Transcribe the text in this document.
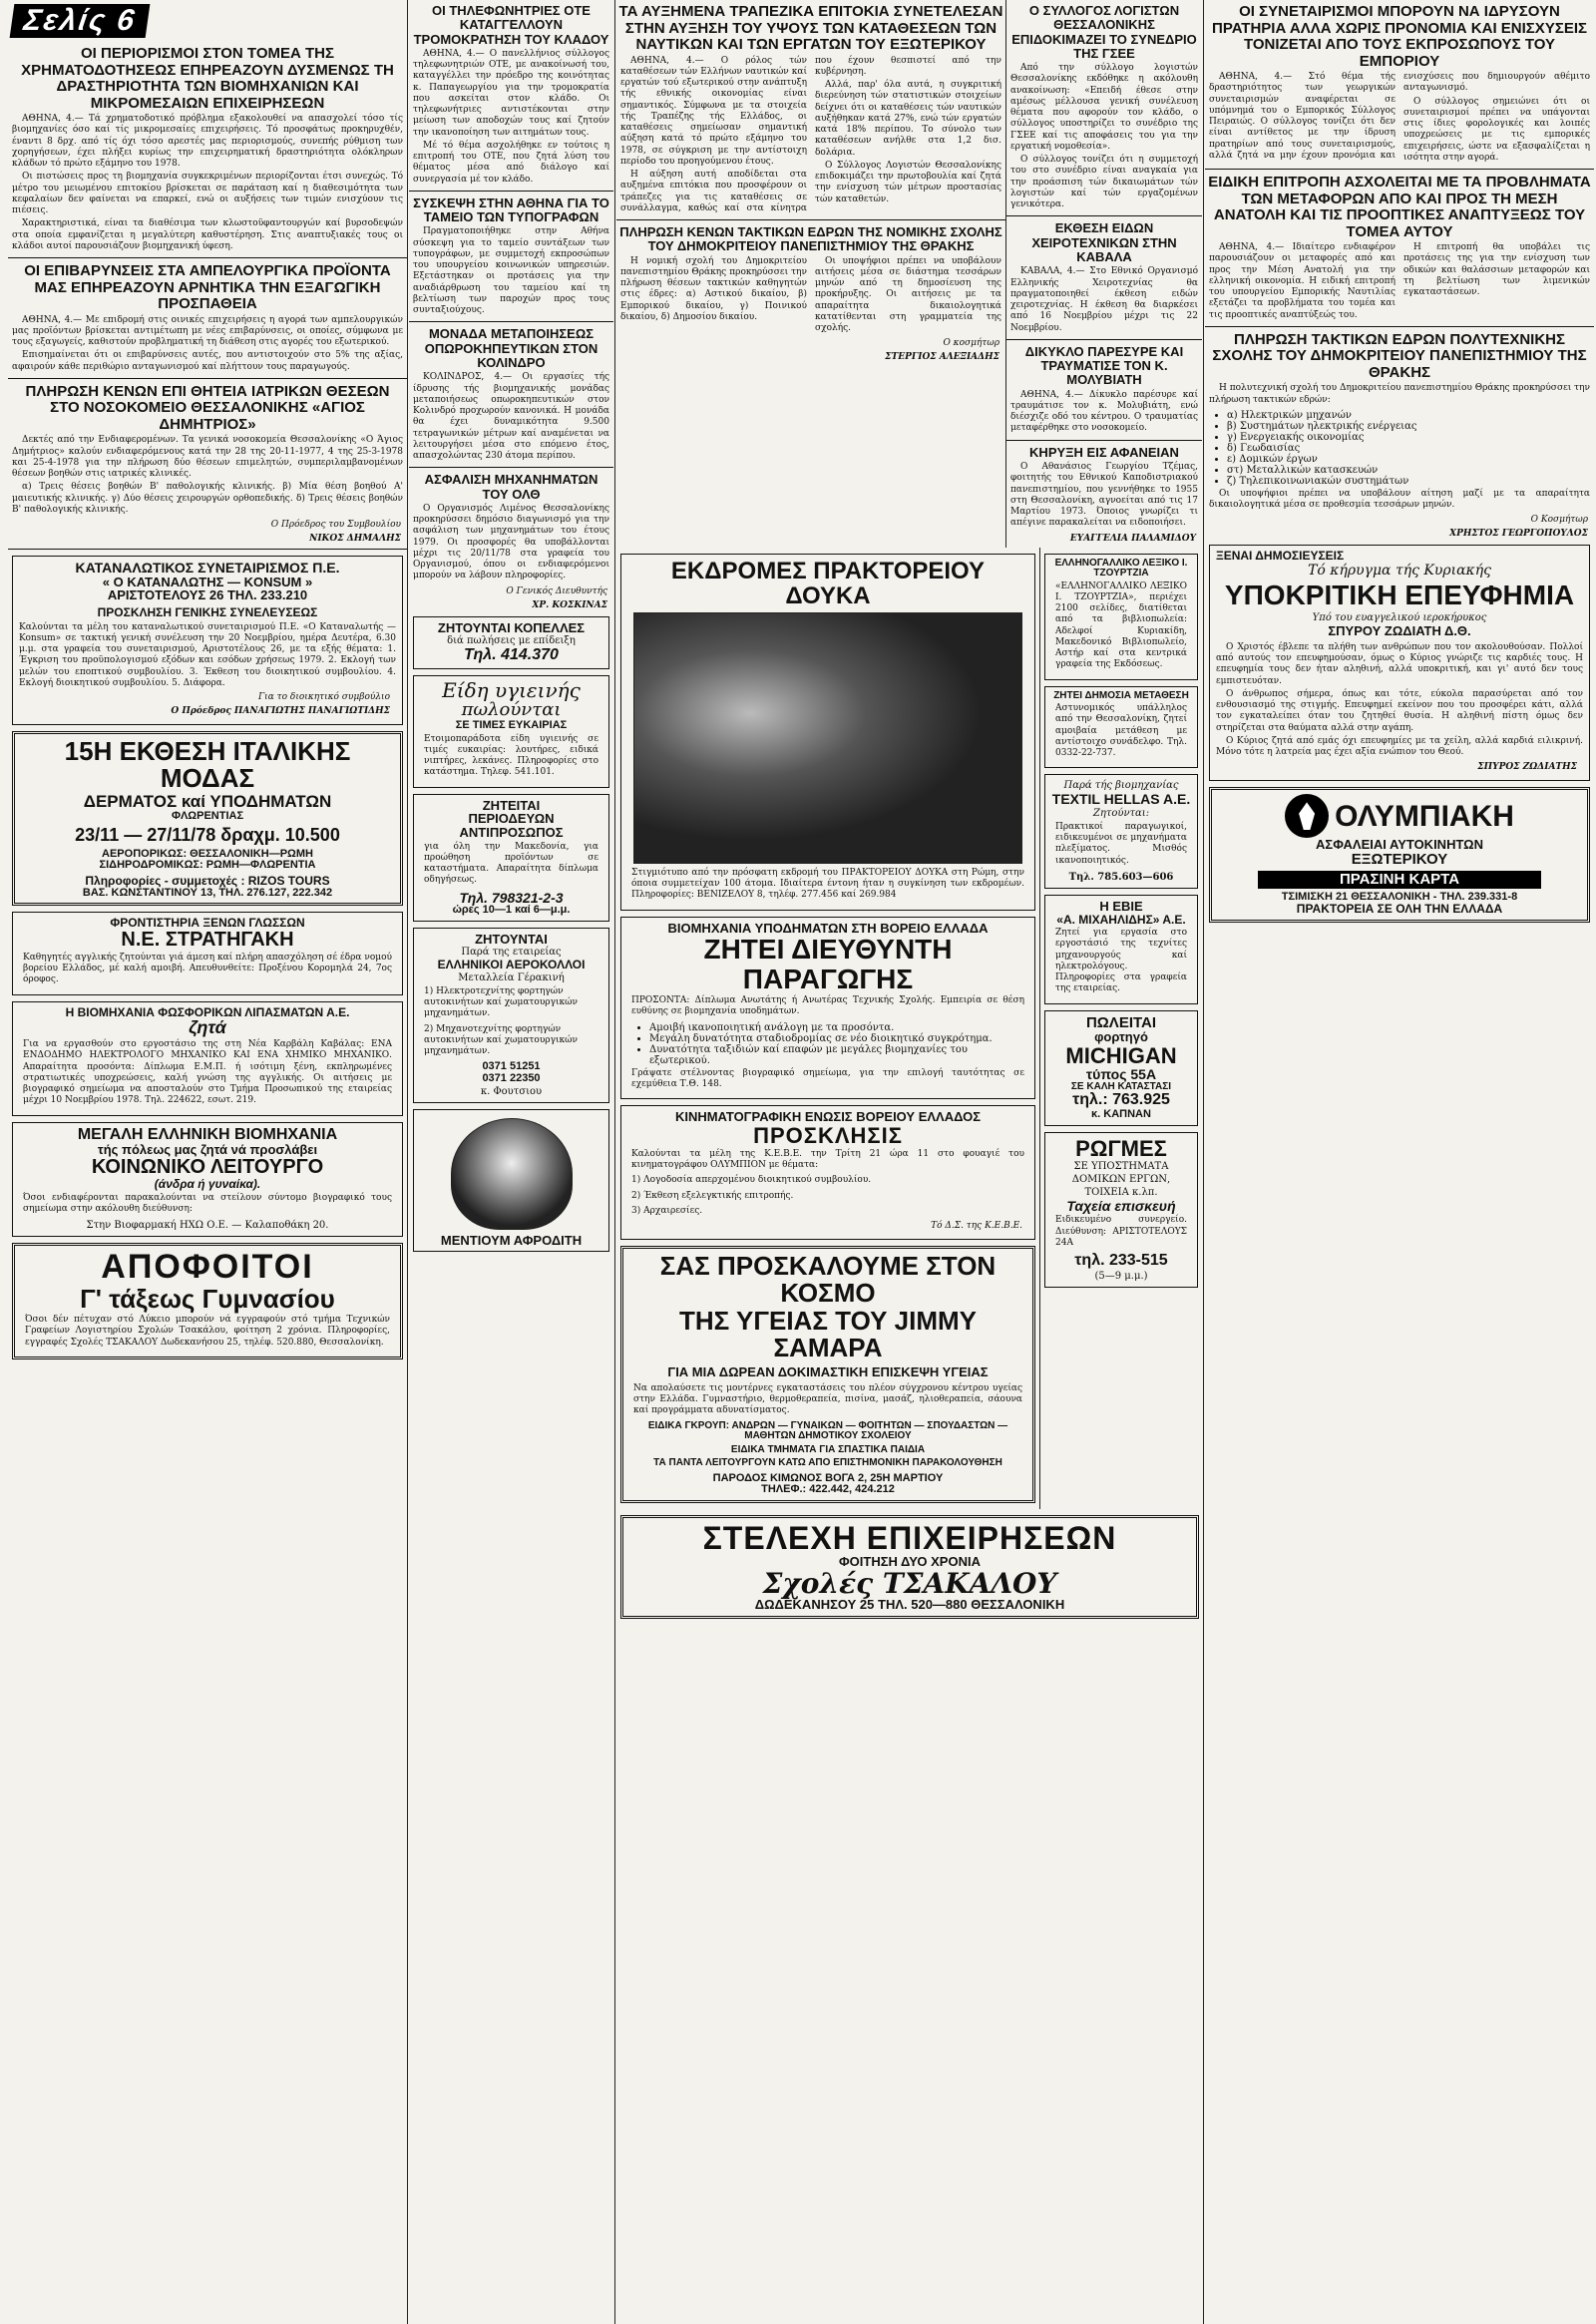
Σελίς 6
ΟΙ ΠΕΡΙΟΡΙΣΜΟΙ ΣΤΟΝ ΤΟΜΕΑ ΤΗΣ ΧΡΗΜΑΤΟΔΟΤΗΣΕΩΣ ΕΠΗΡΕΑΖΟΥΝ ΔΥΣΜΕΝΩΣ ΤΗ ΔΡΑΣΤΗΡΙΟΤΗΤΑ ΤΩΝ ΒΙΟΜΗΧΑΝΙΩΝ ΚΑΙ ΜΙΚΡΟΜΕΣΑΙΩΝ ΕΠΙΧΕΙΡΗΣΕΩΝ

ΑΘΗΝΑ, 4.— Τά χρηματοδοτικό πρόβλημα εξακολουθεί να απασχολεί τόσο τίς βιομηχανίες όσο καί τίς μικρομεσαίες επιχειρήσεις. Τό προσφάτως προκηρυχθέν, έναντι 8 δρχ. από τίς όχι τόσο αρεστές μας περιορισμούς, συνεπής ρύθμιση των χορηγήσεων, έχει πλήξει κυρίως την επιχειρηματική δραστηριότητα ολόκληρων κλάδων τό πρώτο εξάμηνο του 1978.

Οι πιστώσεις προς τη βιομηχανία συγκεκριμένων περιορίζονται έτσι συνεχώς. Τό μέτρο του μειωμένου επιτοκίου βρίσκεται σε παράταση καί η διαθεσιμότητα των κεφαλαίων δεν φαίνεται να επαρκεί, ενώ οι αυξήσεις των τιμών ενισχύουν τις πιέσεις.

Χαρακτηριστικά, είναι τα διαθέσιμα των κλωστοϋφαντουργών καί βυρσοδεψών στα οποία εμφανίζεται η μεγαλύτερη καθυστέρηση. Στις αναπτυξιακές τους οι κλάδοι αυτοί παρουσιάζουν βιομηχανική ύφεση.

ΟΙ ΕΠΙΒΑΡΥΝΣΕΙΣ ΣΤΑ ΑΜΠΕΛΟΥΡΓΙΚΑ ΠΡΟΪΟΝΤΑ ΜΑΣ ΕΠΗΡΕΑΖΟΥΝ ΑΡΝΗΤΙΚΑ ΤΗΝ ΕΞΑΓΩΓΙΚΗ ΠΡΟΣΠΑΘΕΙΑ

ΑΘΗΝΑ, 4.— Με επιδρομή στις οινικές επιχειρήσεις η αγορά των αμπελουργικών μας προϊόντων βρίσκεται αντιμέτωπη με νέες επιβαρύνσεις, οι οποίες, σύμφωνα με τους εξαγωγείς, καθιστούν προβληματική τη διάθεση στις αγορές του εξωτερικού.

Επισημαίνεται ότι οι επιβαρύνσεις αυτές, που αντιστοιχούν στο 5% της αξίας, αφαιρούν κάθε περιθώριο ανταγωνισμού καί πλήττουν τους παραγωγούς.

ΠΛΗΡΩΣΗ ΚΕΝΩΝ ΕΠΙ ΘΗΤΕΙΑ ΙΑΤΡΙΚΩΝ ΘΕΣΕΩΝ ΣΤΟ ΝΟΣΟΚΟΜΕΙΟ ΘΕΣΣΑΛΟΝΙΚΗΣ «ΑΓΙΟΣ ΔΗΜΗΤΡΙΟΣ»

Δεκτές από την Ενδιαφερομένων. Τα γενικά νοσοκομεία Θεσσαλονίκης «Ο Άγιος Δημήτριος» καλούν ενδιαφερόμενους κατά την 28 της 20-11-1977, 4 της 25-3-1978 και 25-4-1978 για την πλήρωση δύο θέσεων επιμελητών, συμπεριλαμβανομένων θέσεων βοηθών στις ιατρικές κλινικές.

α) Τρεις θέσεις βοηθών Β' παθολογικής κλινικής. β) Μία θέση βοηθού Α' μαιευτικής κλινικής. γ) Δύο θέσεις χειρουργών ορθοπεδικής. δ) Τρεις θέσεις βοηθών Β' παθολογικής κλινικής.

Ο Πρόεδρος του Συμβουλίου
ΝΙΚΟΣ ΔΗΜΑΛΗΣ
ΚΑΤΑΝΑΛΩΤΙΚΟΣ ΣΥΝΕΤΑΙΡΙΣΜΟΣ Π.Ε.
« Ο ΚΑΤΑΝΑΛΩΤΗΣ — KONSUM »
ΑΡΙΣΤΟΤΕΛΟΥΣ 26 ΤΗΛ. 233.210
ΠΡΟΣΚΛΗΣΗ ΓΕΝΙΚΗΣ ΣΥΝΕΛΕΥΣΕΩΣ
Καλούνται τα μέλη του καταναλωτικού συνεταιρισμού Π.Ε. «Ο Καταναλωτής — Konsum» σε τακτική γενική συνέλευση την 20 Νοεμβρίου, ημέρα Δευτέρα, 6.30 μ.μ. στα γραφεία του συνεταιρισμού, Αριστοτέλους 26, με τα εξής θέματα: 1. Έγκριση του προϋπολογισμού εξόδων και εσόδων χρήσεως 1979. 2. Εκλογή των μελών του εποπτικού συμβουλίου. 3. Έκθεση του διοικητικού συμβουλίου. 4. Εκλογή διοικητικού συμβουλίου. 5. Διάφορα.
Για το διοικητικό συμβούλιο
Ο Πρόεδρος ΠΑΝΑΓΙΩΤΗΣ ΠΑΝΑΓΙΩΤΙΔΗΣ
15Η ΕΚΘΕΣΗ ΙΤΑΛΙΚΗΣ ΜΟΔΑΣ
ΔΕΡΜΑΤΟΣ καί ΥΠΟΔΗΜΑΤΩΝ
ΦΛΩΡΕΝΤΙΑΣ
23/11 — 27/11/78 δραχμ. 10.500
ΑΕΡΟΠΟΡΙΚΩΣ: ΘΕΣΣΑΛΟΝΙΚΗ—ΡΩΜΗ
ΣΙΔΗΡΟΔΡΟΜΙΚΩΣ: ΡΩΜΗ—ΦΛΩΡΕΝΤΙΑ
Πληροφορίες - συμμετοχές : RIZOS TOURS
ΒΑΣ. ΚΩΝΣΤΑΝΤΙΝΟΥ 13, ΤΗΛ. 276.127, 222.342
ΦΡΟΝΤΙΣΤΗΡΙΑ ΞΕΝΩΝ ΓΛΩΣΣΩΝ
Ν.Ε. ΣΤΡΑΤΗΓΑΚΗ
Καθηγητές αγγλικής ζητούνται γιά άμεση καί πλήρη απασχόληση σέ έδρα νομού βορείου Ελλάδος, μέ καλή αμοιβή. Απευθυνθείτε: Προξένου Κορομηλά 24, 7ος όροφος.
Η ΒΙΟΜΗΧΑΝΙΑ ΦΩΣΦΟΡΙΚΩΝ ΛΙΠΑΣΜΑΤΩΝ Α.Ε.
ζητά
Για να εργασθούν στο εργοστάσιο της στη Νέα Καρβάλη Καβάλας: ΕΝΑ ΕΝΔΟΔΗΜΟ ΗΛΕΚΤΡΟΛΟΓΟ ΜΗΧΑΝΙΚΟ ΚΑΙ ΕΝΑ ΧΗΜΙΚΟ ΜΗΧΑΝΙΚΟ. Απαραίτητα προσόντα: Δίπλωμα Ε.Μ.Π. ή ισότιμη ξένη, εκπληρωμένες στρατιωτικές υποχρεώσεις, καλή γνώση της αγγλικής. Οι αιτήσεις με βιογραφικό σημείωμα να αποσταλούν στο Τμήμα Προσωπικού της εταιρείας μέχρι 10 Νοεμβρίου 1978. Τηλ. 224622, εσωτ. 219.
ΜΕΓΑΛΗ ΕΛΛΗΝΙΚΗ ΒΙΟΜΗΧΑΝΙΑ
τής πόλεως μας ζητά νά προσλάβει
ΚΟΙΝΩΝΙΚΟ ΛΕΙΤΟΥΡΓΟ
(άνδρα ή γυναίκα).
Όσοι ενδιαφέρονται παρακαλούνται να στείλουν σύντομο βιογραφικό τους σημείωμα στην ακόλουθη διεύθυνση:
Στην Βιοφαρμακή ΗΧΩ Ο.Ε. — Καλαποθάκη 20.
ΑΠΟΦΟΙΤΟΙ
Γ' τάξεως Γυμνασίου
Όσοι δέν πέτυχαν στό Λύκειο μπορούν νά εγγραφούν στό τμήμα Τεχνικών Γραφείων Λογιστηρίου Σχολών Τσακάλου, φοίτηση 2 χρόνια. Πληροφορίες, εγγραφές Σχολές ΤΣΑΚΑΛΟΥ Δωδεκανήσου 25, τηλέφ. 520.880, Θεσσαλονίκη.
ΟΙ ΤΗΛΕΦΩΝΗΤΡΙΕΣ ΟΤΕ ΚΑΤΑΓΓΕΛΛΟΥΝ ΤΡΟΜΟΚΡΑΤΗΣΗ ΤΟΥ ΚΛΑΔΟΥ

ΑΘΗΝΑ, 4.— Ο πανελλήνιος σύλλογος τηλεφωνητριών ΟΤΕ, με ανακοίνωσή του, καταγγέλλει την πρόεδρο της κοινότητας κ. Παπαγεωργίου για την τρομοκρατία που ασκείται στον κλάδο. Οι τηλεφωνήτριες αντιστέκονται στην μείωση των αποδοχών τους καί ζητούν την ικανοποίηση των αιτημάτων τους.

Μέ τό θέμα ασχολήθηκε εν τούτοις η επιτροπή του ΟΤΕ, που ζητά λύση του θέματος μέσα από διάλογο καί συνεργασία μέ τον κλάδο.

ΣΥΣΚΕΨΗ ΣΤΗΝ ΑΘΗΝΑ ΓΙΑ ΤΟ ΤΑΜΕΙΟ ΤΩΝ ΤΥΠΟΓΡΑΦΩΝ

Πραγματοποιήθηκε στην Αθήνα σύσκεψη για το ταμείο συντάξεων των τυπογράφων, με συμμετοχή εκπροσώπων του υπουργείου κοινωνικών υπηρεσιών. Εξετάστηκαν οι προτάσεις για την αναδιάρθρωση του ταμείου καί τη βελτίωση των παροχών προς τους συνταξιούχους.

ΜΟΝΑΔΑ ΜΕΤΑΠΟΙΗΣΕΩΣ ΟΠΩΡΟΚΗΠΕΥΤΙΚΩΝ ΣΤΟΝ ΚΟΛΙΝΔΡΟ

ΚΟΛΙΝΔΡΟΣ, 4.— Οι εργασίες τής ίδρυσης τής βιομηχανικής μονάδας μεταποιήσεως οπωροκηπευτικών στον Κολινδρό προχωρούν κανονικά. Η μονάδα θα έχει δυναμικότητα 9.500 τετραγωνικών μέτρων καί αναμένεται να λειτουργήσει μέσα στο επόμενο έτος, απασχολώντας 230 άτομα περίπου.

ΑΣΦΑΛΙΣΗ ΜΗΧΑΝΗΜΑΤΩΝ ΤΟΥ ΟΛΘ

Ο Οργανισμός Λιμένος Θεσσαλονίκης προκηρύσσει δημόσιο διαγωνισμό για την ασφάλιση των μηχανημάτων του έτους 1979. Οι προσφορές θα υποβάλλονται μέχρι τις 20/11/78 στα γραφεία του Οργανισμού, όπου οι ενδιαφερόμενοι μπορούν να λάβουν πληροφορίες.

Ο Γενικός Διευθυντής
ΧΡ. ΚΟΣΚΙΝΑΣ
ΖΗΤΟΥΝΤΑΙ ΚΟΠΕΛΛΕΣ
διά πωλήσεις με επίδειξη
Τηλ. 414.370
Είδη υγιεινής
πωλούνται
ΣΕ ΤΙΜΕΣ ΕΥΚΑΙΡΙΑΣ
Ετοιμοπαράδοτα είδη υγιεινής σε τιμές ευκαιρίας: λουτήρες, ειδικά νιπτήρες, λεκάνες. Πληροφορίες στο κατάστημα. Τηλεφ. 541.101.
ΖΗΤΕΙΤΑΙ
ΠΕΡΙΟΔΕΥΩΝ ΑΝΤΙΠΡΟΣΩΠΟΣ
για όλη την Μακεδονία, για προώθηση προϊόντων σε καταστήματα. Απαραίτητα δίπλωμα οδηγήσεως.
Τηλ. 798321-2-3
ώρες 10—1 καί 6—μ.μ.
ΖΗΤΟΥΝΤΑΙ
Παρά της εταιρείας
ΕΛΛΗΝΙΚΟΙ ΑΕΡΟΚΟΛΛΟΙ
Μεταλλεία Γέρακινή
1) Ηλεκτροτεχνίτης φορτηγών αυτοκινήτων καί χωματουργικών μηχανημάτων.
2) Μηχανοτεχνίτης φορτηγών αυτοκινήτων καί χωματουργικών μηχανημάτων.
0371 51251
0371 22350
κ. Φουτσιου
ΜΕΝΤΙΟΥΜ ΑΦΡΟΔΙΤΗ
ΤΑ ΑΥΞΗΜΕΝΑ ΤΡΑΠΕΖΙΚΑ ΕΠΙΤΟΚΙΑ ΣΥΝΕΤΕΛΕΣΑΝ ΣΤΗΝ ΑΥΞΗΣΗ ΤΟΥ ΥΨΟΥΣ ΤΩΝ ΚΑΤΑΘΕΣΕΩΝ ΤΩΝ ΝΑΥΤΙΚΩΝ ΚΑΙ ΤΩΝ ΕΡΓΑΤΩΝ ΤΟΥ ΕΞΩΤΕΡΙΚΟΥ

ΑΘΗΝΑ, 4.— Ο ρόλος τών καταθέσεων τών Ελλήνων ναυτικών καί εργατών τού εξωτερικού στην ανάπτυξη τής εθνικής οικονομίας είναι σημαντικός. Σύμφωνα με τα στοιχεία τής Τραπέζης τής Ελλάδος, οι καταθέσεις σημείωσαν σημαντική αύξηση κατά τό πρώτο εξάμηνο του 1978, σε σύγκριση με την αντίστοιχη περίοδο του προηγούμενου έτους.

Η αύξηση αυτή αποδίδεται στα αυξημένα επιτόκια που προσφέρουν οι τράπεζες για τις καταθέσεις σε συνάλλαγμα, καθώς καί στα κίνητρα που έχουν θεσπιστεί από την κυβέρνηση.

Αλλά, παρ' όλα αυτά, η συγκριτική διερεύνηση τών στατιστικών στοιχείων δείχνει ότι οι καταθέσεις τών ναυτικών αυξήθηκαν κατά 27%, ενώ τών εργατών κατά 18% περίπου. Το σύνολο των καταθέσεων ανήλθε στα 1,2 δισ. δολάρια.

Ο Σύλλογος Λογιστών Θεσσαλονίκης επιδοκιμάζει την πρωτοβουλία καί ζητά την ενίσχυση τών μέτρων προστασίας τών καταθετών.

ΠΛΗΡΩΣΗ ΚΕΝΩΝ ΤΑΚΤΙΚΩΝ ΕΔΡΩΝ ΤΗΣ ΝΟΜΙΚΗΣ ΣΧΟΛΗΣ ΤΟΥ ΔΗΜΟΚΡΙΤΕΙΟΥ ΠΑΝΕΠΙΣΤΗΜΙΟΥ ΤΗΣ ΘΡΑΚΗΣ

Η νομική σχολή του Δημοκριτείου πανεπιστημίου Θράκης προκηρύσσει την πλήρωση θέσεων τακτικών καθηγητών στις έδρες: α) Αστικού δικαίου, β) Εμπορικού δικαίου, γ) Ποινικού δικαίου, δ) Δημοσίου δικαίου.

Οι υποψήφιοι πρέπει να υποβάλουν αιτήσεις μέσα σε διάστημα τεσσάρων μηνών από τη δημοσίευση της προκήρυξης. Οι αιτήσεις με τα απαραίτητα δικαιολογητικά κατατίθενται στη γραμματεία της σχολής.

Ο κοσμήτωρ
ΣΤΕΡΓΙΟΣ ΑΛΕΞΙΑΔΗΣ
Ο ΣΥΛΛΟΓΟΣ ΛΟΓΙΣΤΩΝ ΘΕΣΣΑΛΟΝΙΚΗΣ ΕΠΙΔΟΚΙΜΑΖΕΙ ΤΟ ΣΥΝΕΔΡΙΟ ΤΗΣ ΓΣΕΕ

Από την σύλλογο λογιστών Θεσσαλονίκης εκδόθηκε η ακόλουθη ανακοίνωση: «Επειδή έθεσε στην αμέσως μέλλουσα γενική συνέλευση θέματα που αφορούν τον κλάδο, ο σύλλογος υποστηρίζει το συνέδριο της ΓΣΕΕ καί τις αποφάσεις του για την εργατική νομοθεσία».

Ο σύλλογος τονίζει ότι η συμμετοχή του στο συνέδριο είναι αναγκαία για την προάσπιση τών δικαιωμάτων τών λογιστών καί τών εργαζομένων γενικότερα.

ΕΚΘΕΣΗ ΕΙΔΩΝ ΧΕΙΡΟΤΕΧΝΙΚΩΝ ΣΤΗΝ ΚΑΒΑΛΑ

ΚΑΒΑΛΑ, 4.— Στο Εθνικό Οργανισμό Ελληνικής Χειροτεχνίας θα πραγματοποιηθεί έκθεση ειδών χειροτεχνίας. Η έκθεση θα διαρκέσει από 16 Νοεμβρίου μέχρι τις 22 Νοεμβρίου.

ΔΙΚΥΚΛΟ ΠΑΡΕΣΥΡΕ ΚΑΙ ΤΡΑΥΜΑΤΙΣΕ ΤΟΝ Κ. ΜΟΛΥΒΙΑΤΗ

ΑΘΗΝΑ, 4.— Δίκυκλο παρέσυρε καί τραυμάτισε τον κ. Μολυβιάτη, ενώ διέσχιζε οδό του κέντρου. Ο τραυματίας μεταφέρθηκε στο νοσοκομείο.

ΚΗΡΥΞΗ ΕΙΣ ΑΦΑΝΕΙΑΝ

Ο Αθανάσιος Γεωργίου Τζέμας, φοιτητής του Εθνικού Καποδιστριακού πανεπιστημίου, που γεννήθηκε το 1955 στη Θεσσαλονίκη, αγνοείται από τις 17 Μαρτίου 1973. Όποιος γνωρίζει τι απέγινε παρακαλείται να ειδοποιήσει.

ΕΥΑΓΓΕΛΙΑ ΠΑΛΑΜΙΔΟΥ
ΕΚΔΡΟΜΕΣ ΠΡΑΚΤΟΡΕΙΟΥ ΔΟΥΚΑ
Στιγμιότυπο από την πρόσφατη εκδρομή του ΠΡΑΚΤΟΡΕΙΟΥ ΔΟΥΚΑ στη Ρώμη, στην όποια συμμετείχαν 100 άτομα. Ιδιαίτερα έντονη ήταν η συγκίνηση των εκδρομέων. Πληροφορίες: ΒΕΝΙΖΕΛΟΥ 8, τηλέφ. 277.456 καί 269.984
ΒΙΟΜΗΧΑΝΙΑ ΥΠΟΔΗΜΑΤΩΝ ΣΤΗ ΒΟΡΕΙΟ ΕΛΛΑΔΑ
ΖΗΤΕΙ ΔΙΕΥΘΥΝΤΗ ΠΑΡΑΓΩΓΗΣ
ΠΡΟΣΟΝΤΑ: Δίπλωμα Ανωτάτης ή Ανωτέρας Τεχνικής Σχολής. Εμπειρία σε θέση ευθύνης σε βιομηχανία υποδημάτων.
• Αμοιβή ικανοποιητική ανάλογη με τα προσόντα.
• Μεγάλη δυνατότητα σταδιοδρομίας σε νέο διοικητικό συγκρότημα.
• Δυνατότητα ταξιδιών καί επαφών με μεγάλες βιομηχανίες του εξωτερικού.
Γράψατε στέλνοντας βιογραφικό σημείωμα, για την επιλογή ταυτότητας σε εχεμύθεια Τ.Θ. 148.
ΚΙΝΗΜΑΤΟΓΡΑΦΙΚΗ ΕΝΩΣΙΣ ΒΟΡΕΙΟΥ ΕΛΛΑΔΟΣ
ΠΡΟΣΚΛΗΣΙΣ
Καλούνται τα μέλη της Κ.Ε.Β.Ε. την Τρίτη 21 ώρα 11 στο φουαγιέ του κινηματογράφου ΟΛΥΜΠΙΟΝ με θέματα:
1) Λογοδοσία απερχομένου διοικητικού συμβουλίου.
2) Έκθεση εξελεγκτικής επιτροπής.
3) Αρχαιρεσίες.
Τό Δ.Σ. της Κ.Ε.Β.Ε.
ΣΑΣ ΠΡΟΣΚΑΛΟΥΜΕ ΣΤΟΝ ΚΟΣΜΟ
ΤΗΣ ΥΓΕΙΑΣ ΤΟΥ JIMMY ΣΑΜΑΡΑ
ΓΙΑ ΜΙΑ ΔΩΡΕΑΝ ΔΟΚΙΜΑΣΤΙΚΗ ΕΠΙΣΚΕΨΗ ΥΓΕΙΑΣ
Να απολαύσετε τις μοντέρνες εγκαταστάσεις του πλέον σύγχρονου κέντρου υγείας στην Ελλάδα. Γυμναστήριο, θερμοθεραπεία, πισίνα, μασάζ, ηλιοθεραπεία, σάουνα καί προγράμματα αδυνατίσματος.
ΕΙΔΙΚΑ ΓΚΡΟΥΠ: ΑΝΔΡΩΝ — ΓΥΝΑΙΚΩΝ — ΦΟΙΤΗΤΩΝ — ΣΠΟΥΔΑΣΤΩΝ — ΜΑΘΗΤΩΝ ΔΗΜΟΤΙΚΟΥ ΣΧΟΛΕΙΟΥ
ΕΙΔΙΚΑ ΤΜΗΜΑΤΑ ΓΙΑ ΣΠΑΣΤΙΚΑ ΠΑΙΔΙΑ
ΤΑ ΠΑΝΤΑ ΛΕΙΤΟΥΡΓΟΥΝ ΚΑΤΩ ΑΠΟ ΕΠΙΣΤΗΜΟΝΙΚΗ ΠΑΡΑΚΟΛΟΥΘΗΣΗ
ΠΑΡΟΔΟΣ ΚΙΜΩΝΟΣ ΒΟΓΑ 2, 25Η ΜΑΡΤΙΟΥ
ΤΗΛΕΦ.: 422.442, 424.212
ΕΛΛΗΝΟΓΑΛΛΙΚΟ ΛΕΞΙΚΟ Ι. ΤΖΟΥΡΤΖΙΑ
«ΕΛΛΗΝΟΓΑΛΛΙΚΟ ΛΕΞΙΚΟ Ι. ΤΖΟΥΡΤΖΙΑ», περιέχει 2100 σελίδες, διατίθεται από τα βιβλιοπωλεία: Αδελφοί Κυριακίδη, Μακεδονικό Βιβλιοπωλείο, Αστήρ καί στα κεντρικά γραφεία της Εκδόσεως.
ΖΗΤΕΙ ΔΗΜΟΣΙΑ ΜΕΤΑΘΕΣΗ
Αστυνομικός υπάλληλος από την Θεσσαλονίκη, ζητεί αμοιβαία μετάθεση με αντίστοιχο συνάδελφο. Τηλ. 0332-22-737.
Παρά τής βιομηχανίας
TEXTIL HELLAS A.E.
Ζητούνται:
Πρακτικοί παραγωγικοί, ειδικευμένοι σε μηχανήματα πλεξίματος. Μισθός ικανοποιητικός.
Τηλ. 785.603—606
Η ΕΒΙΕ
«Α. ΜΙΧΑΗΛΙΔΗΣ» Α.Ε.
Ζητεί για εργασία στο εργοστάσιό της τεχνίτες μηχανουργούς καί ηλεκτρολόγους. Πληροφορίες στα γραφεία της εταιρείας.
ΠΩΛΕΙΤΑΙ
φορτηγό
MICHIGAN
τύπος 55Α
ΣΕ ΚΑΛΗ ΚΑΤΑΣΤΑΣΙ
τηλ.: 763.925
κ. ΚΑΠΝΑΝ
ΡΩΓΜΕΣ
ΣΕ ΥΠΟΣΤΗΜΑΤΑ ΔΟΜΙΚΩΝ ΕΡΓΩΝ, ΤΟΙΧΕΙΑ κ.λπ.
Ταχεία επισκευή
Ειδικευμένο συνεργείο. Διεύθυνση: ΑΡΙΣΤΟΤΕΛΟΥΣ 24Α
τηλ. 233-515
(5—9 μ.μ.)
ΣΤΕΛΕΧΗ ΕΠΙΧΕΙΡΗΣΕΩΝ
ΦΟΙΤΗΣΗ ΔΥΟ ΧΡΟΝΙΑ
Σχολές ΤΣΑΚΑΛΟΥ
ΔΩΔΕΚΑΝΗΣΟΥ 25 ΤΗΛ. 520—880 ΘΕΣΣΑΛΟΝΙΚΗ
ΟΙ ΣΥΝΕΤΑΙΡΙΣΜΟΙ ΜΠΟΡΟΥΝ ΝΑ ΙΔΡΥΣΟΥΝ ΠΡΑΤΗΡΙΑ ΑΛΛΑ ΧΩΡΙΣ ΠΡΟΝΟΜΙΑ ΚΑΙ ΕΝΙΣΧΥΣΕΙΣ ΤΟΝΙΖΕΤΑΙ ΑΠΟ ΤΟΥΣ ΕΚΠΡΟΣΩΠΟΥΣ ΤΟΥ ΕΜΠΟΡΙΟΥ

ΑΘΗΝΑ, 4.— Στό θέμα τής δραστηριότητος των γεωργικών συνεταιρισμών αναφέρεται σε υπόμνημά του ο Εμπορικός Σύλλογος Πειραιώς. Ο σύλλογος τονίζει ότι δεν είναι αντίθετος με την ίδρυση πρατηρίων από τους συνεταιρισμούς, αλλά ζητά να μην έχουν προνόμια και ενισχύσεις που δημιουργούν αθέμιτο ανταγωνισμό.

Ο σύλλογος σημειώνει ότι οι συνεταιρισμοί πρέπει να υπάγονται στις ίδιες φορολογικές και λοιπές υποχρεώσεις με τις εμπορικές επιχειρήσεις, ώστε να εξασφαλίζεται η ισότητα στην αγορά.

ΕΙΔΙΚΗ ΕΠΙΤΡΟΠΗ ΑΣΧΟΛΕΙΤΑΙ ΜΕ ΤΑ ΠΡΟΒΛΗΜΑΤΑ ΤΩΝ ΜΕΤΑΦΟΡΩΝ ΑΠΟ ΚΑΙ ΠΡΟΣ ΤΗ ΜΕΣΗ ΑΝΑΤΟΛΗ ΚΑΙ ΤΙΣ ΠΡΟΟΠΤΙΚΕΣ ΑΝΑΠΤΥΞΕΩΣ ΤΟΥ ΤΟΜΕΑ ΑΥΤΟΥ

ΑΘΗΝΑ, 4.— Ιδιαίτερο ενδιαφέρον παρουσιάζουν οι μεταφορές από και προς την Μέση Ανατολή για την ελληνική οικονομία. Η ειδική επιτροπή του υπουργείου Εμπορικής Ναυτιλίας εξετάζει τα προβλήματα του τομέα και τις προοπτικές αναπτύξεώς του.

Η επιτροπή θα υποβάλει τις προτάσεις της για την ενίσχυση των οδικών και θαλάσσιων μεταφορών και τη βελτίωση των λιμενικών εγκαταστάσεων.

ΠΛΗΡΩΣΗ ΤΑΚΤΙΚΩΝ ΕΔΡΩΝ ΠΟΛΥΤΕΧΝΙΚΗΣ ΣΧΟΛΗΣ ΤΟΥ ΔΗΜΟΚΡΙΤΕΙΟΥ ΠΑΝΕΠΙΣΤΗΜΙΟΥ ΤΗΣ ΘΡΑΚΗΣ

Η πολυτεχνική σχολή του Δημοκριτείου πανεπιστημίου Θράκης προκηρύσσει την πλήρωση τακτικών εδρών:

• α) Ηλεκτρικών μηχανών
• β) Συστημάτων ηλεκτρικής ενέργειας
• γ) Ενεργειακής οικονομίας
• δ) Γεωδαισίας
• ε) Δομικών έργων
• στ) Μεταλλικών κατασκευών
• ζ) Τηλεπικοινωνιακών συστημάτων

Οι υποψήφιοι πρέπει να υποβάλουν αίτηση μαζί με τα απαραίτητα δικαιολογητικά μέσα σε προθεσμία τεσσάρων μηνών.

Ο Κοσμήτωρ
ΧΡΗΣΤΟΣ ΓΕΩΡΓΟΠΟΥΛΟΣ
ΞΕΝΑΙ ΔΗΜΟΣΙΕΥΣΕΙΣ
Τό κήρυγμα τής Κυριακής
ΥΠΟΚΡΙΤΙΚΗ ΕΠΕΥΦΗΜΙΑ
Υπό του ευαγγελικού ιεροκήρυκος
ΣΠΥΡΟΥ ΖΩΔΙΑΤΗ Δ.Θ.

Ο Χριστός έβλεπε τα πλήθη των ανθρώπων που τον ακολουθούσαν. Πολλοί από αυτούς τον επευφημούσαν, όμως ο Κύριος γνώριζε τις καρδιές τους. Η επευφημία τους δεν ήταν αληθινή, αλλά υποκριτική, και γι' αυτό δεν τους εμπιστευόταν.

Ο άνθρωπος σήμερα, όπως και τότε, εύκολα παρασύρεται από τον ενθουσιασμό της στιγμής. Επευφημεί εκείνον που του προσφέρει κάτι, αλλά τον εγκαταλείπει όταν του ζητηθεί θυσία. Η αληθινή πίστη όμως δεν στηρίζεται στα θαύματα αλλά στην αγάπη.

Ο Κύριος ζητά από εμάς όχι επευφημίες με τα χείλη, αλλά καρδιά ειλικρινή. Μόνο τότε η λατρεία μας έχει αξία ενώπιον του Θεού.

ΣΠΥΡΟΣ ΖΩΔΙΑΤΗΣ
ΟΛΥΜΠΙΑΚΗ
ΑΣΦΑΛΕΙΑΙ ΑΥΤΟΚΙΝΗΤΩΝ
ΕΞΩΤΕΡΙΚΟΥ
ΠΡΑΣΙΝΗ ΚΑΡΤΑ
ΤΣΙΜΙΣΚΗ 21 ΘΕΣΣΑΛΟΝΙΚΗ - ΤΗΛ. 239.331-8
ΠΡΑΚΤΟΡΕΙΑ ΣΕ ΟΛΗ ΤΗΝ ΕΛΛΑΔΑ
